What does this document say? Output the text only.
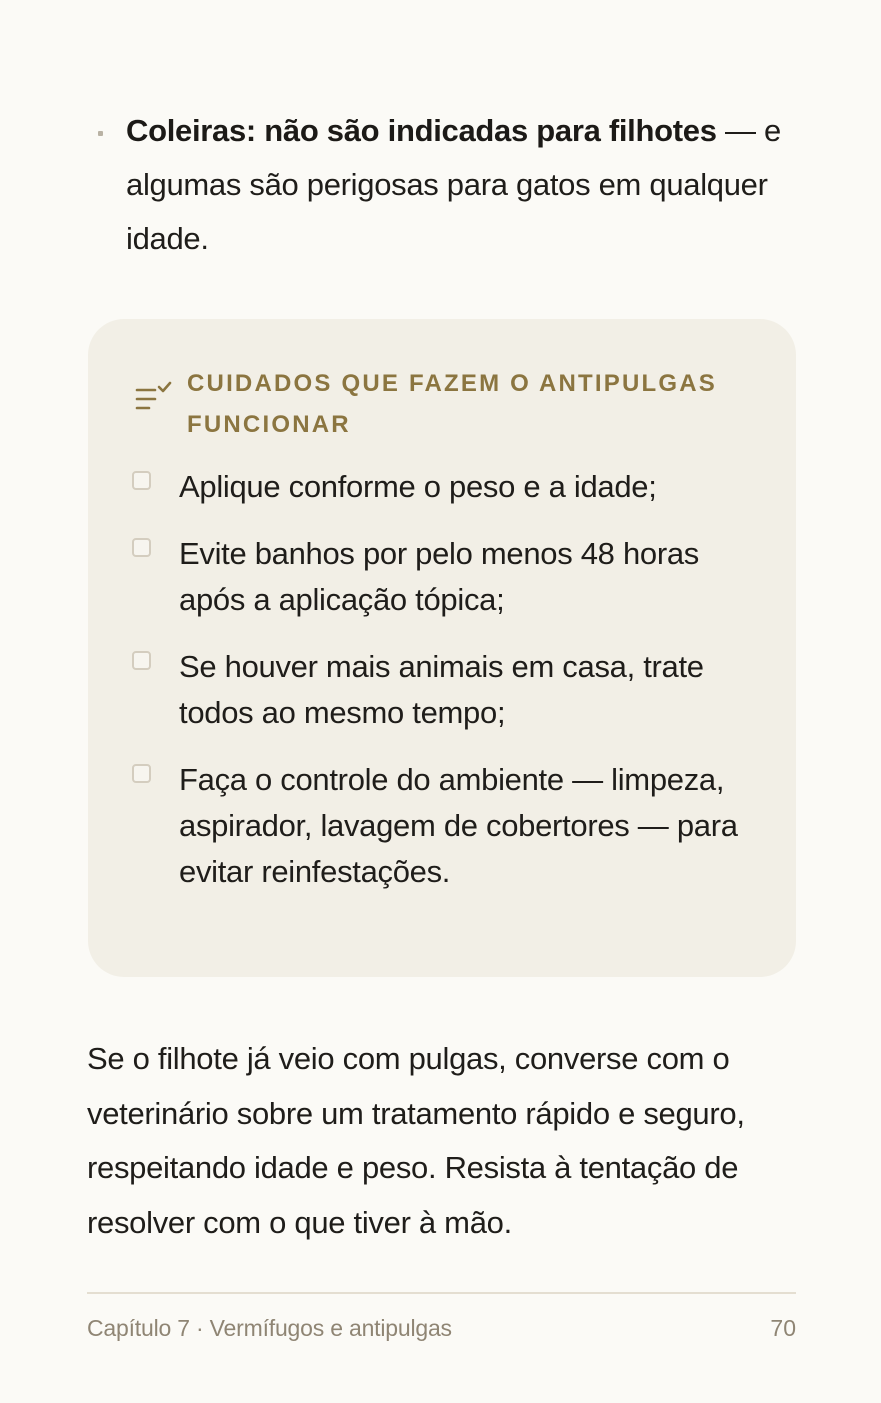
Coleiras: não são indicadas para filhotes — e algumas são perigosas para gatos em qualquer idade.
CUIDADOS QUE FAZEM O ANTIPULGAS FUNCIONAR
Aplique conforme o peso e a idade;
Evite banhos por pelo menos 48 horas após a aplicação tópica;
Se houver mais animais em casa, trate todos ao mesmo tempo;
Faça o controle do ambiente — limpeza, aspirador, lavagem de cobertores — para evitar reinfestações.

Se o filhote já veio com pulgas, converse com o veterinário sobre um tratamento rápido e seguro, respeitando idade e peso. Resista à tentação de resolver com o que tiver à mão.

Capítulo 7 · Vermífugos e antipulgas	70
